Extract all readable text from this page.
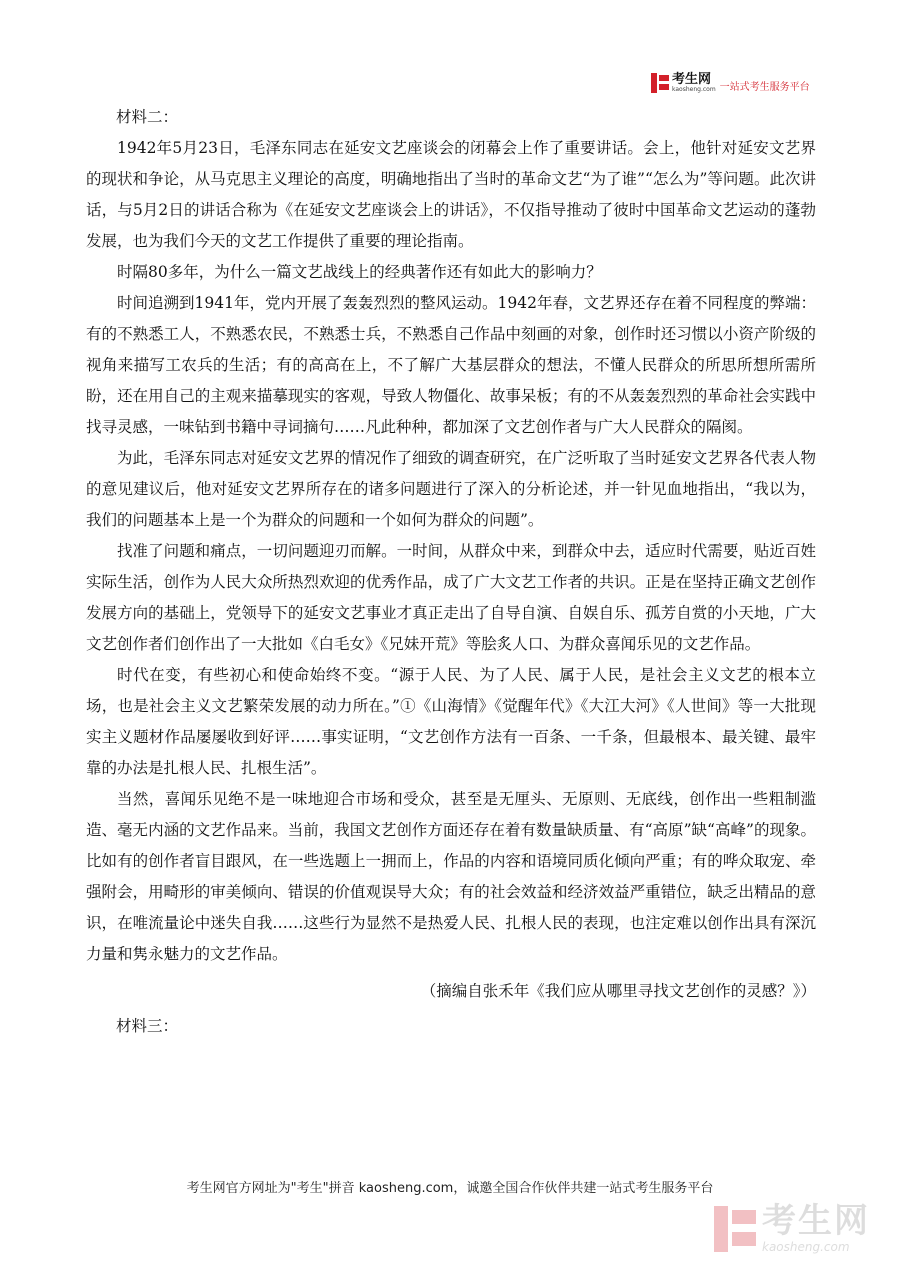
考生网
kaosheng.com 一站式考生服务平台

材料二：

1942年5月23日，毛泽东同志在延安文艺座谈会的闭幕会上作了重要讲话。会上，他针对延安文艺界的现状和争论，从马克思主义理论的高度，明确地指出了当时的革命文艺“为了谁”“怎么为”等问题。此次讲话，与5月2日的讲话合称为《在延安文艺座谈会上的讲话》，不仅指导推动了彼时中国革命文艺运动的蓬勃发展，也为我们今天的文艺工作提供了重要的理论指南。

时隔80多年，为什么一篇文艺战线上的经典著作还有如此大的影响力？

时间追溯到1941年，党内开展了轰轰烈烈的整风运动。1942年春，文艺界还存在着不同程度的弊端：有的不熟悉工人，不熟悉农民，不熟悉士兵，不熟悉自己作品中刻画的对象，创作时还习惯以小资产阶级的视角来描写工农兵的生活；有的高高在上，不了解广大基层群众的想法，不懂人民群众的所思所想所需所盼，还在用自己的主观来描摹现实的客观，导致人物僵化、故事呆板；有的不从轰轰烈烈的革命社会实践中找寻灵感，一味钻到书籍中寻词摘句……凡此种种，都加深了文艺创作者与广大人民群众的隔阂。

为此，毛泽东同志对延安文艺界的情况作了细致的调查研究，在广泛听取了当时延安文艺界各代表人物的意见建议后，他对延安文艺界所存在的诸多问题进行了深入的分析论述，并一针见血地指出，“我以为，我们的问题基本上是一个为群众的问题和一个如何为群众的问题”。

找准了问题和痛点，一切问题迎刃而解。一时间，从群众中来，到群众中去，适应时代需要，贴近百姓实际生活，创作为人民大众所热烈欢迎的优秀作品，成了广大文艺工作者的共识。正是在坚持正确文艺创作发展方向的基础上，党领导下的延安文艺事业才真正走出了自导自演、自娱自乐、孤芳自赏的小天地，广大文艺创作者们创作出了一大批如《白毛女》《兄妹开荒》等脍炙人口、为群众喜闻乐见的文艺作品。

时代在变，有些初心和使命始终不变。“源于人民、为了人民、属于人民，是社会主义文艺的根本立场，也是社会主义文艺繁荣发展的动力所在。”①《山海情》《觉醒年代》《大江大河》《人世间》等一大批现实主义题材作品屡屡收到好评……事实证明，“文艺创作方法有一百条、一千条，但最根本、最关键、最牢靠的办法是扎根人民、扎根生活”。

当然，喜闻乐见绝不是一味地迎合市场和受众，甚至是无厘头、无原则、无底线，创作出一些粗制滥造、毫无内涵的文艺作品来。当前，我国文艺创作方面还存在着有数量缺质量、有“高原”缺“高峰”的现象。比如有的创作者盲目跟风，在一些选题上一拥而上，作品的内容和语境同质化倾向严重；有的哗众取宠、牵强附会，用畸形的审美倾向、错误的价值观误导大众；有的社会效益和经济效益严重错位，缺乏出精品的意识，在唯流量论中迷失自我……这些行为显然不是热爱人民、扎根人民的表现，也注定难以创作出具有深沉力量和隽永魅力的文艺作品。

（摘编自张禾年《我们应从哪里寻找文艺创作的灵感？》）

材料三：

考生网官方网址为"考生"拼音 kaosheng.com，诚邀全国合作伙伴共建一站式考生服务平台
考生网
kaosheng.com
